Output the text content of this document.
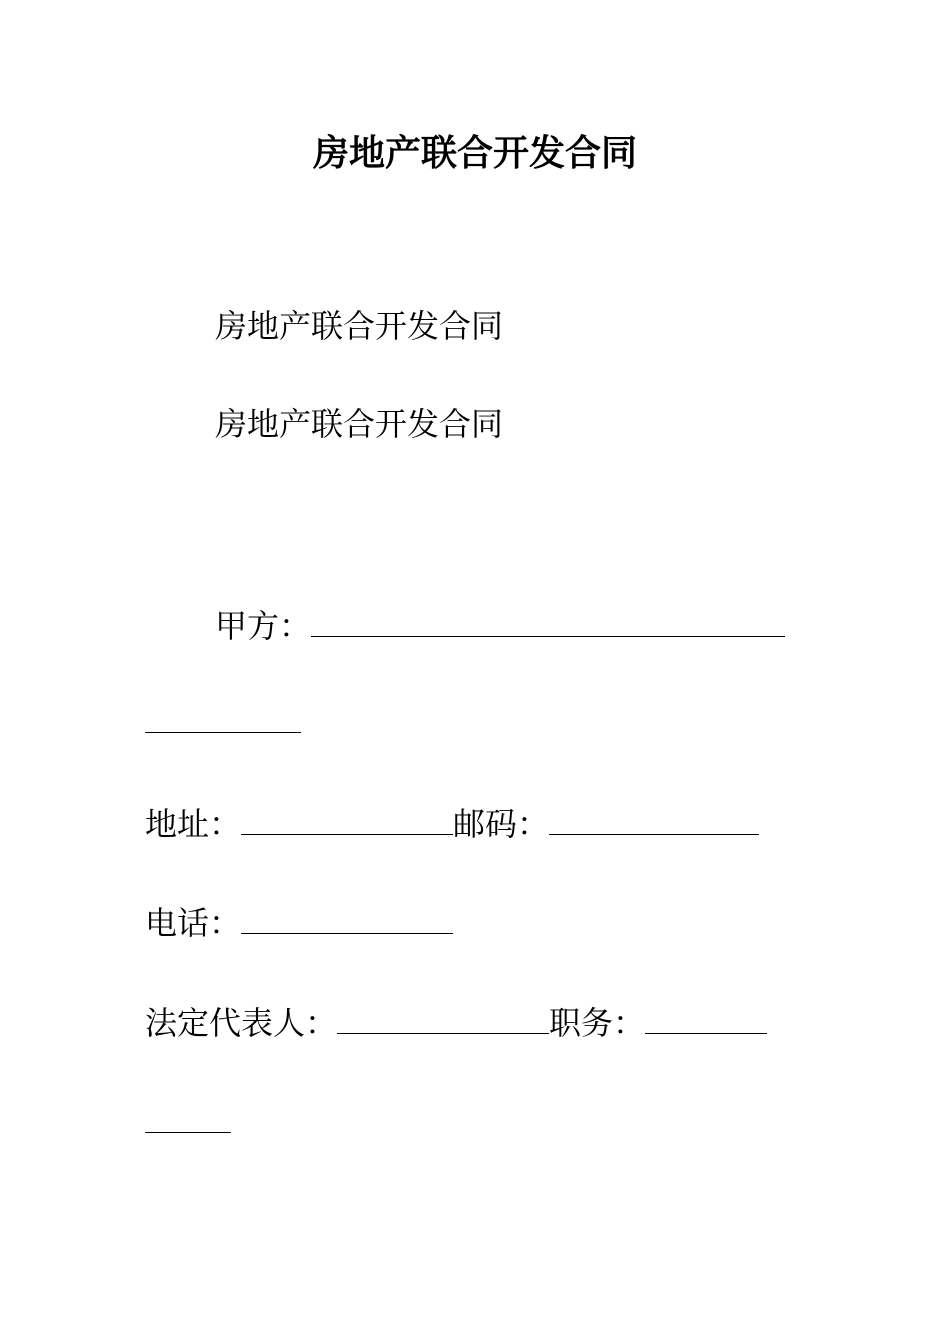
房地产联合开发合同
房地产联合开发合同
房地产联合开发合同
甲方：
地址：	邮码：
电话：
法定代表人：	职务：
